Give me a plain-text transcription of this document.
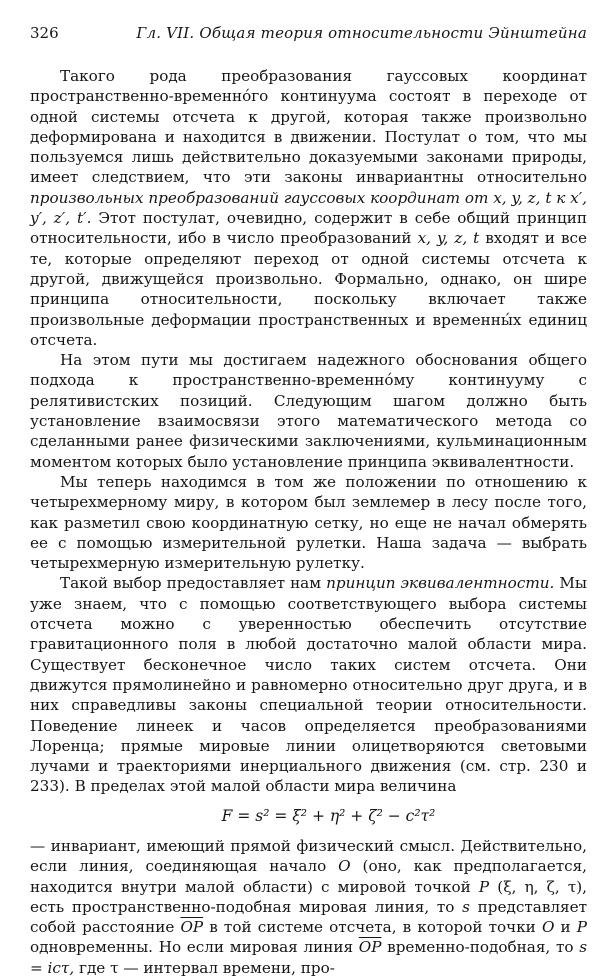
326	Гл. VII. Общая теория относительности Эйнштейна

Такого рода преобразования гауссовых координат пространственно-временнóго континуума состоят в переходе от одной системы отсчета к другой, которая также произвольно деформирована и находится в движении. Постулат о том, что мы пользуемся лишь действительно доказуемыми законами природы, имеет следствием, что эти законы инвариантны относительно произвольных преобразований гауссовых координат от x, y, z, t к x′, y′, z′, t′. Этот постулат, очевидно, содержит в себе общий принцип относительности, ибо в число преобразований x, y, z, t входят и все те, которые определяют переход от одной системы отсчета к другой, движущейся произвольно. Формально, однако, он шире принципа относительности, поскольку включает также произвольные деформации пространственных и временны́х единиц отсчета.

На этом пути мы достигаем надежного обоснования общего подхода к пространственно-временнóму континууму с релятивистских позиций. Следующим шагом должно быть установление взаимосвязи этого математического метода со сделанными ранее физическими заключениями, кульминационным моментом которых было установление принципа эквивалентности.

Мы теперь находимся в том же положении по отношению к четырехмерному миру, в котором был землемер в лесу после того, как разметил свою координатную сетку, но еще не начал обмерять ее с помощью измерительной рулетки. Наша задача — выбрать четырехмерную измерительную рулетку.

Такой выбор предоставляет нам принцип эквивалентности. Мы уже знаем, что с помощью соответствующего выбора системы отсчета можно с уверенностью обеспечить отсутствие гравитационного поля в любой достаточно малой области мира. Существует бесконечное число таких систем отсчета. Они движутся прямолинейно и равномерно относительно друг друга, и в них справедливы законы специальной теории относительности. Поведение линеек и часов определяется преобразованиями Лоренца; прямые мировые линии олицетворяются световыми лучами и траекториями инерциального движения (см. стр. 230 и 233). В пределах этой малой области мира величина

F = s² = ξ² + η² + ζ² − c²τ²

— инвариант, имеющий прямой физический смысл. Действительно, если линия, соединяющая начало O (оно, как предполагается, находится внутри малой области) с мировой точкой P (ξ, η, ζ, τ), есть пространственно-подобная мировая линия, то s представляет собой расстояние $\overline{OP}$ в той системе отсчета, в которой точки O и P одновременны. Но если мировая линия $\overline{OP}$ временно-подобная, то s = icτ, где τ — интервал времени, про-
